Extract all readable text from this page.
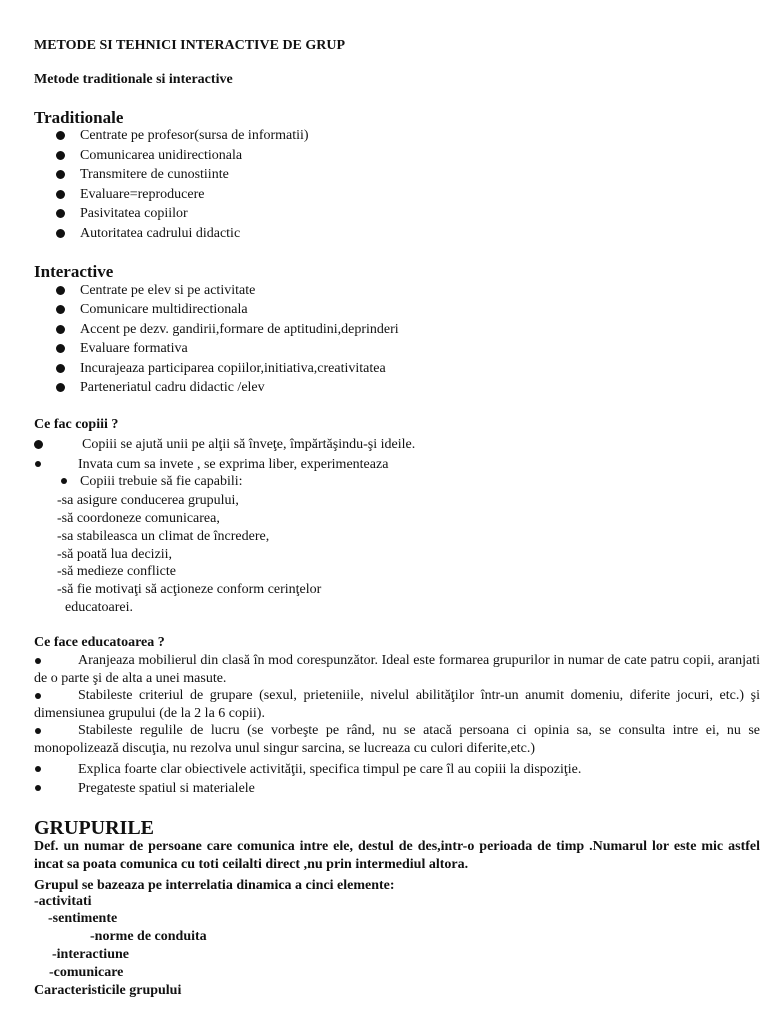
METODE SI TEHNICI INTERACTIVE DE GRUP
Metode traditionale si interactive
Traditionale
Centrate pe profesor(sursa de informatii)
Comunicarea unidirectionala
Transmitere de cunostiinte
Evaluare=reproducere
Pasivitatea copiilor
Autoritatea cadrului didactic
Interactive
Centrate pe elev si pe activitate
Comunicare multidirectionala
Accent pe dezv. gandirii,formare de aptitudini,deprinderi
Evaluare formativa
Incurajeaza participarea copiilor,initiativa,creativitatea
Parteneriatul cadru didactic /elev
Ce fac copiii ?
Copiii se ajută unii pe alţii să înveţe, împărtăşindu-şi ideile.
Invata cum sa invete , se exprima liber, experimenteaza
Copiii trebuie să fie capabili:
-sa asigure conducerea grupului,
-să coordoneze comunicarea,
-sa stabileasca un climat de încredere,
-să poată lua decizii,
-să medieze conflicte
-să fie motivaţi să acţioneze conform cerinţelor
educatoarei.
Ce face educatoarea ?
Aranjeaza mobilierul din clasă în mod corespunzător. Ideal este formarea grupurilor in numar de cate patru copii, aranjati de o parte şi de alta a unei masute.
Stabileste criteriul de grupare (sexul, prieteniile, nivelul abilităţilor într-un anumit domeniu, diferite jocuri, etc.) şi dimensiunea grupului (de la 2 la 6 copii).
Stabileste regulile de lucru (se vorbeşte pe rând, nu se atacă persoana ci opinia sa, se consulta intre ei, nu se monopolizează discuţia, nu rezolva unul singur sarcina, se lucreaza cu culori diferite,etc.)
Explica foarte clar obiectivele activităţii, specifica timpul pe care îl au copiii la dispoziţie.
Pregateste spatiul si materialele
GRUPURILE
Def. un numar de persoane care comunica intre ele, destul de des,intr-o perioada de timp .Numarul lor este mic astfel incat sa poata comunica cu toti ceilalti direct ,nu prin intermediul altora.
Grupul se bazeaza pe interrelatia dinamica a cinci elemente:
-activitati
-sentimente
-norme de conduita
-interactiune
-comunicare
Caracteristicile grupului
